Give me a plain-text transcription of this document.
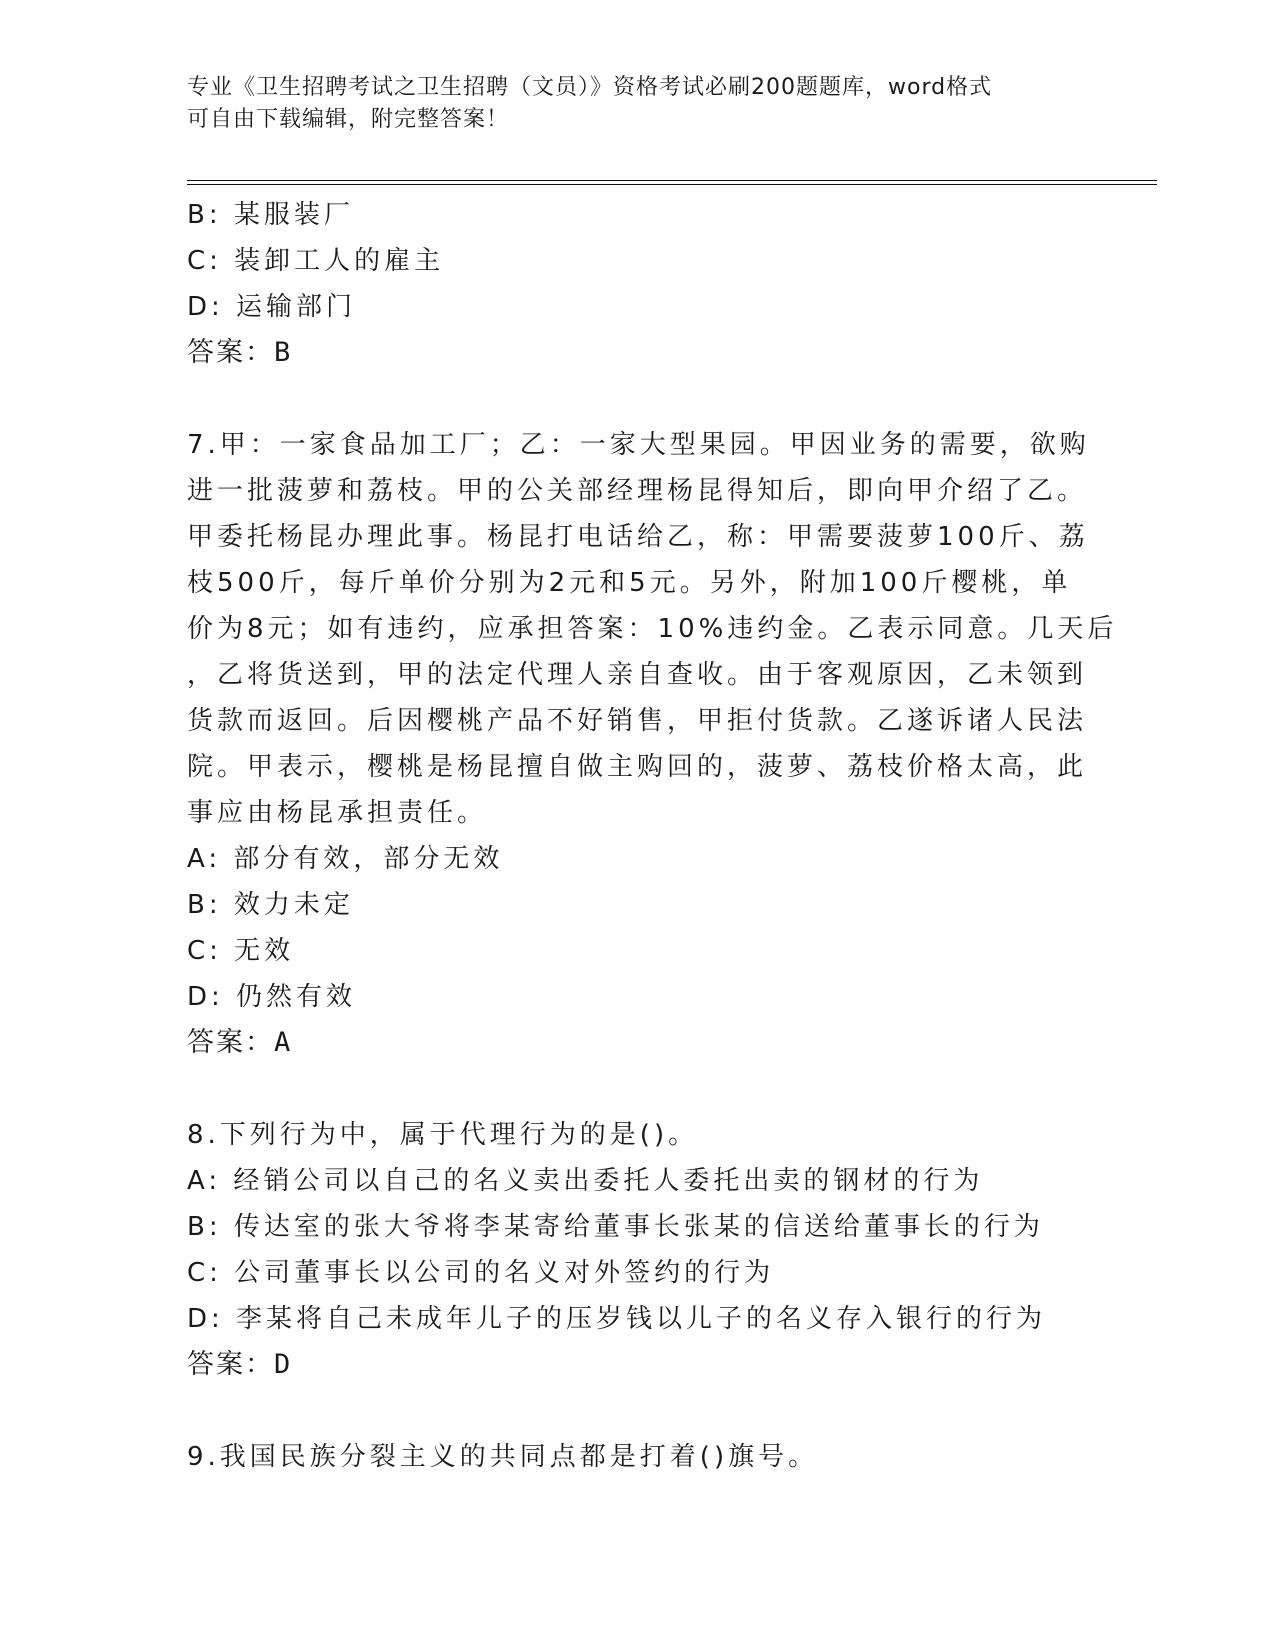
专业《卫生招聘考试之卫生招聘（文员）》资格考试必刷200题题库，word格式
可自由下载编辑，附完整答案！

B: 某服装厂

C: 装卸工人的雇主

D: 运输部门

答案：B

7.甲：一家食品加工厂；乙：一家大型果园。甲因业务的需要，欲购

进一批菠萝和荔枝。甲的公关部经理杨昆得知后，即向甲介绍了乙。

甲委托杨昆办理此事。杨昆打电话给乙，称：甲需要菠萝100斤、荔

枝500斤，每斤单价分别为2元和5元。另外，附加100斤樱桃，单

价为8元；如有违约，应承担答案：10%违约金。乙表示同意。几天后

，乙将货送到，甲的法定代理人亲自查收。由于客观原因，乙未领到

货款而返回。后因樱桃产品不好销售，甲拒付货款。乙遂诉诸人民法

院。甲表示，樱桃是杨昆擅自做主购回的，菠萝、荔枝价格太高，此

事应由杨昆承担责任。

A: 部分有效，部分无效

B: 效力未定

C: 无效

D: 仍然有效

答案：A

8.下列行为中，属于代理行为的是()。

A: 经销公司以自己的名义卖出委托人委托出卖的钢材的行为

B: 传达室的张大爷将李某寄给董事长张某的信送给董事长的行为

C: 公司董事长以公司的名义对外签约的行为

D: 李某将自己未成年儿子的压岁钱以儿子的名义存入银行的行为

答案：D

9.我国民族分裂主义的共同点都是打着()旗号。
